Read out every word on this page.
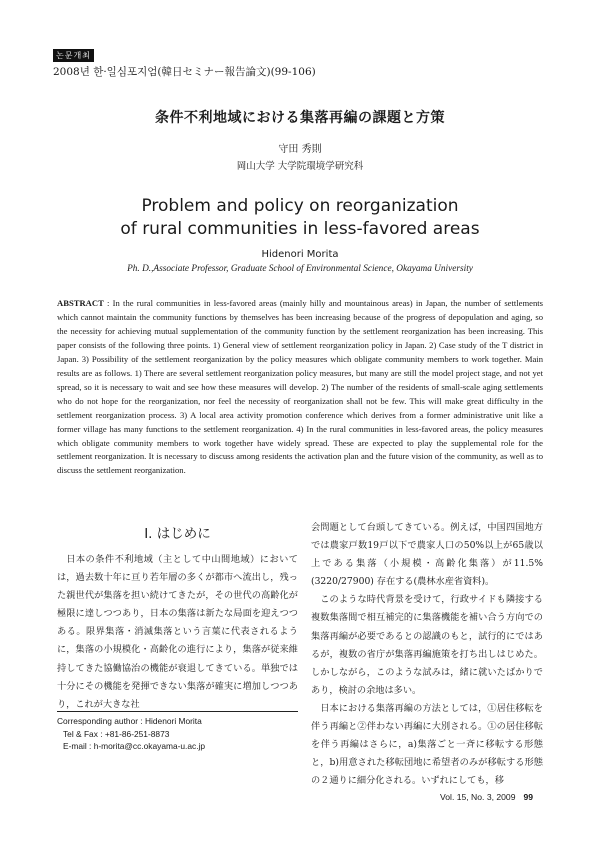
논문개최
2008년 한·일심포지엄(韓日セミナー報告論文)(99-106)
条件不利地域における集落再編の課題と方策
守田 秀則
岡山大学 大学院環境学研究科
Problem and policy on reorganization
of rural communities in less-favored areas
Hidenori Morita
Ph. D.,Associate Professor, Graduate School of Environmental Science, Okayama University
ABSTRACT : In the rural communities in less-favored areas (mainly hilly and mountainous areas) in Japan, the number of settlements which cannot maintain the community functions by themselves has been increasing because of the progress of depopulation and aging, so the necessity for achieving mutual supplementation of the community function by the settlement reorganization has been increasing. This paper consists of the following three points. 1) General view of settlement reorganization policy in Japan. 2) Case study of the T district in Japan. 3) Possibility of the settlement reorganization by the policy measures which obligate community members to work together. Main results are as follows. 1) There are several settlement reorganization policy measures, but many are still the model project stage, and not yet spread, so it is necessary to wait and see how these measures will develop. 2) The number of the residents of small-scale aging settlements who do not hope for the reorganization, nor feel the necessity of reorganization shall not be few. This will make great difficulty in the settlement reorganization process. 3) A local area activity promotion conference which derives from a former administrative unit like a former village has many functions to the settlement reorganization. 4) In the rural communities in less-favored areas, the policy measures which obligate community members to work together have widely spread. These are expected to play the supplemental role for the settlement reorganization. It is necessary to discuss among residents the activation plan and the future vision of the community, as well as to discuss the settlement reorganization.
Ⅰ. はじめに

日本の条件不利地域（主として中山間地域）においては，過去数十年に亘り若年層の多くが都市へ流出し，残った親世代が集落を担い続けてきたが，その世代の高齢化が極限に達しつつあり，日本の集落は新たな局面を迎えつつある。限界集落・消滅集落という言葉に代表されるように，集落の小規模化・高齢化の進行により，集落が従来維持してきた協働協治の機能が衰退してきている。単独では十分にその機能を発揮できない集落が確実に増加しつつあり，これが大きな社

会問題として台頭してきている。例えば，中国四国地方では農家戸数19戸以下で農家人口の50%以上が65歳以上である集落（小規模・高齢化集落）が11.5%(3220/27900) 存在する(農林水産省資料)。

このような時代背景を受けて，行政サイドも隣接する複数集落間で相互補完的に集落機能を補い合う方向での集落再編が必要であるとの認識のもと，試行的にではあるが，複数の省庁が集落再編施策を打ち出しはじめた。しかしながら，このような試みは，緒に就いたばかりであり，検討の余地は多い。

日本における集落再編の方法としては，①居住移転を伴う再編と②伴わない再編に大別される。①の居住移転を伴う再編はさらに，a)集落ごと一斉に移転する形態と，b)用意された移転団地に希望者のみが移転する形態の２通りに細分化される。いずれにしても，移

Corresponding author : Hidenori Morita
Tel & Fax : +81-86-251-8873
E-mail : h-morita@cc.okayama-u.ac.jp
Vol. 15, No. 3, 2009 99
